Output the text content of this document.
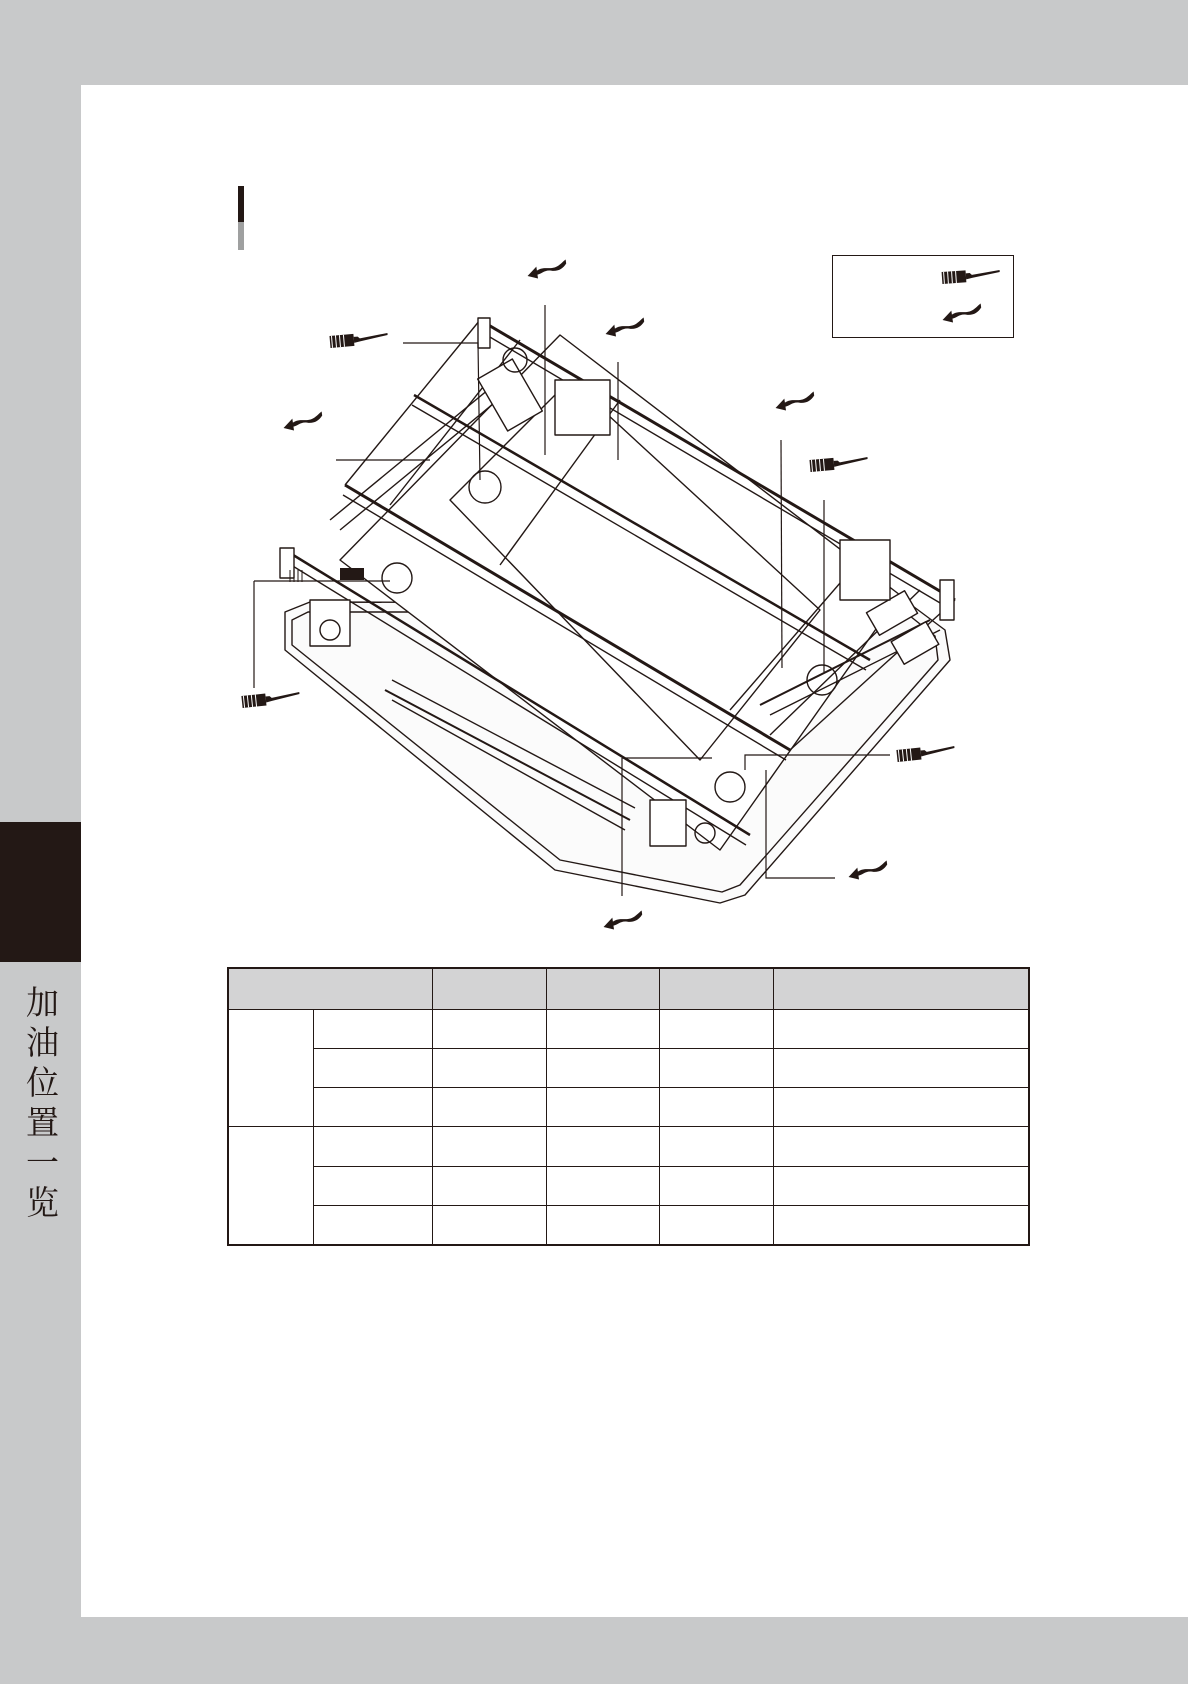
加油位置一览
